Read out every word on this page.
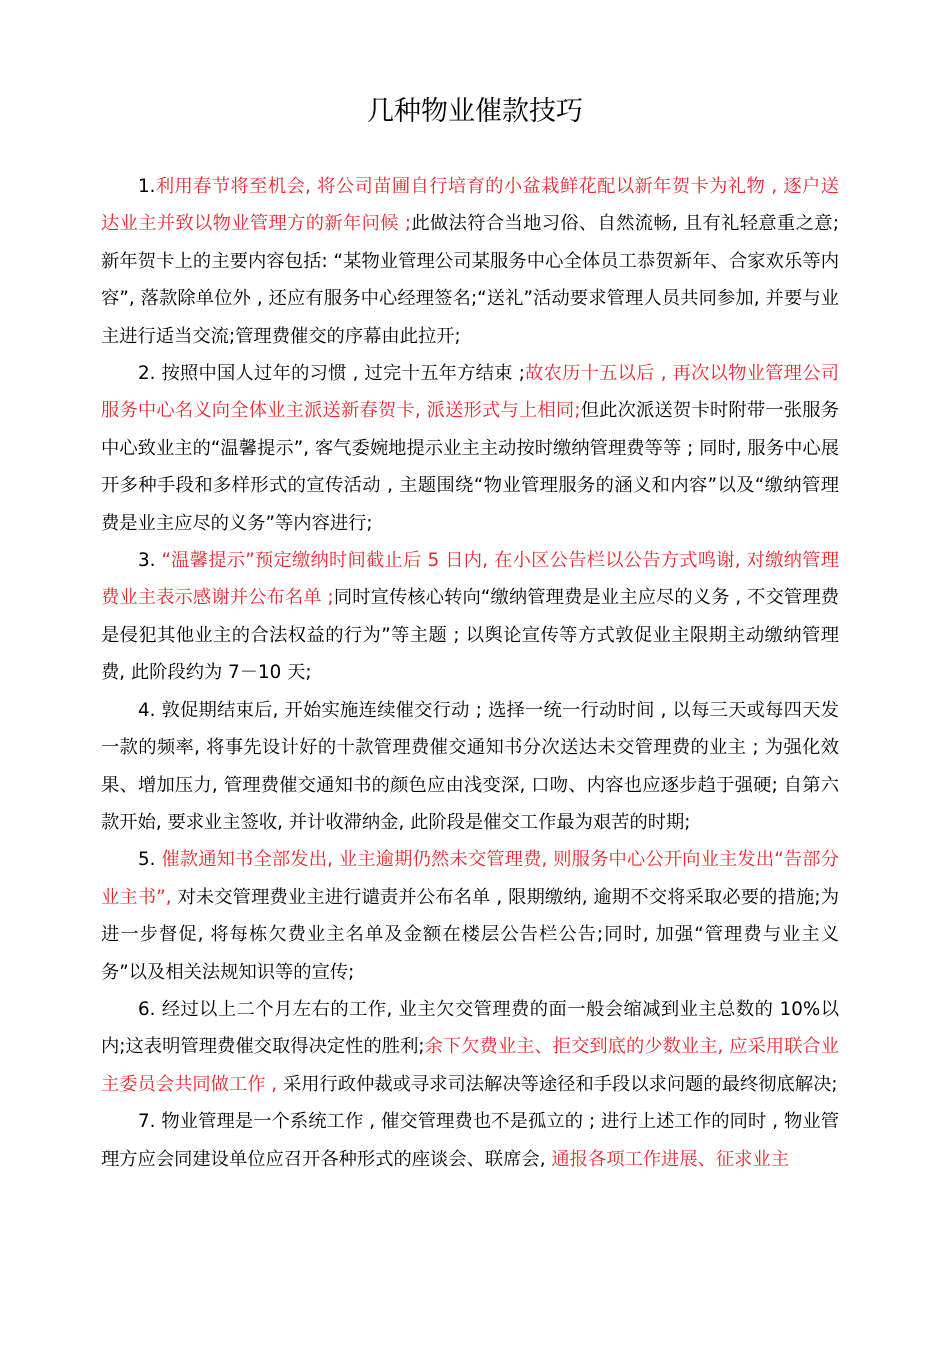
几种物业催款技巧

1.利用春节将至机会, 将公司苗圃自行培育的小盆栽鲜花配以新年贺卡为礼物 , 逐户送达业主并致以物业管理方的新年问候 ;此做法符合当地习俗、自然流畅, 且有礼轻意重之意;新年贺卡上的主要内容包括: “某物业管理公司某服务中心全体员工恭贺新年、合家欢乐等内容”, 落款除单位外 , 还应有服务中心经理签名;“送礼”活动要求管理人员共同参加, 并要与业主进行适当交流;管理费催交的序幕由此拉开;

2. 按照中国人过年的习惯 , 过完十五年方结束 ;故农历十五以后 , 再次以物业管理公司服务中心名义向全体业主派送新春贺卡, 派送形式与上相同;但此次派送贺卡时附带一张服务中心致业主的“温馨提示”, 客气委婉地提示业主主动按时缴纳管理费等等 ; 同时, 服务中心展开多种手段和多样形式的宣传活动 , 主题围绕“物业管理服务的涵义和内容”以及“缴纳管理费是业主应尽的义务”等内容进行;

3. “温馨提示”预定缴纳时间截止后 5 日内, 在小区公告栏以公告方式鸣谢, 对缴纳管理费业主表示感谢并公布名单 ;同时宣传核心转向“缴纳管理费是业主应尽的义务 , 不交管理费是侵犯其他业主的合法权益的行为”等主题 ; 以舆论宣传等方式敦促业主限期主动缴纳管理费, 此阶段约为 7－10 天;

4. 敦促期结束后, 开始实施连续催交行动 ; 选择一统一行动时间 , 以每三天或每四天发一款的频率, 将事先设计好的十款管理费催交通知书分次送达未交管理费的业主 ; 为强化效果、增加压力, 管理费催交通知书的颜色应由浅变深, 口吻、内容也应逐步趋于强硬; 自第六款开始, 要求业主签收, 并计收滞纳金, 此阶段是催交工作最为艰苦的时期;

5. 催款通知书全部发出, 业主逾期仍然未交管理费, 则服务中心公开向业主发出“告部分业主书”, 对未交管理费业主进行谴责并公布名单 , 限期缴纳, 逾期不交将采取必要的措施;为进一步督促, 将每栋欠费业主名单及金额在楼层公告栏公告;同时, 加强“管理费与业主义务”以及相关法规知识等的宣传;

6. 经过以上二个月左右的工作, 业主欠交管理费的面一般会缩减到业主总数的 10%以内;这表明管理费催交取得决定性的胜利;余下欠费业主、拒交到底的少数业主, 应采用联合业主委员会共同做工作 , 采用行政仲裁或寻求司法解决等途径和手段以求问题的最终彻底解决;

7. 物业管理是一个系统工作 , 催交管理费也不是孤立的 ; 进行上述工作的同时 , 物业管理方应会同建设单位应召开各种形式的座谈会、联席会, 通报各项工作进展、征求业主
